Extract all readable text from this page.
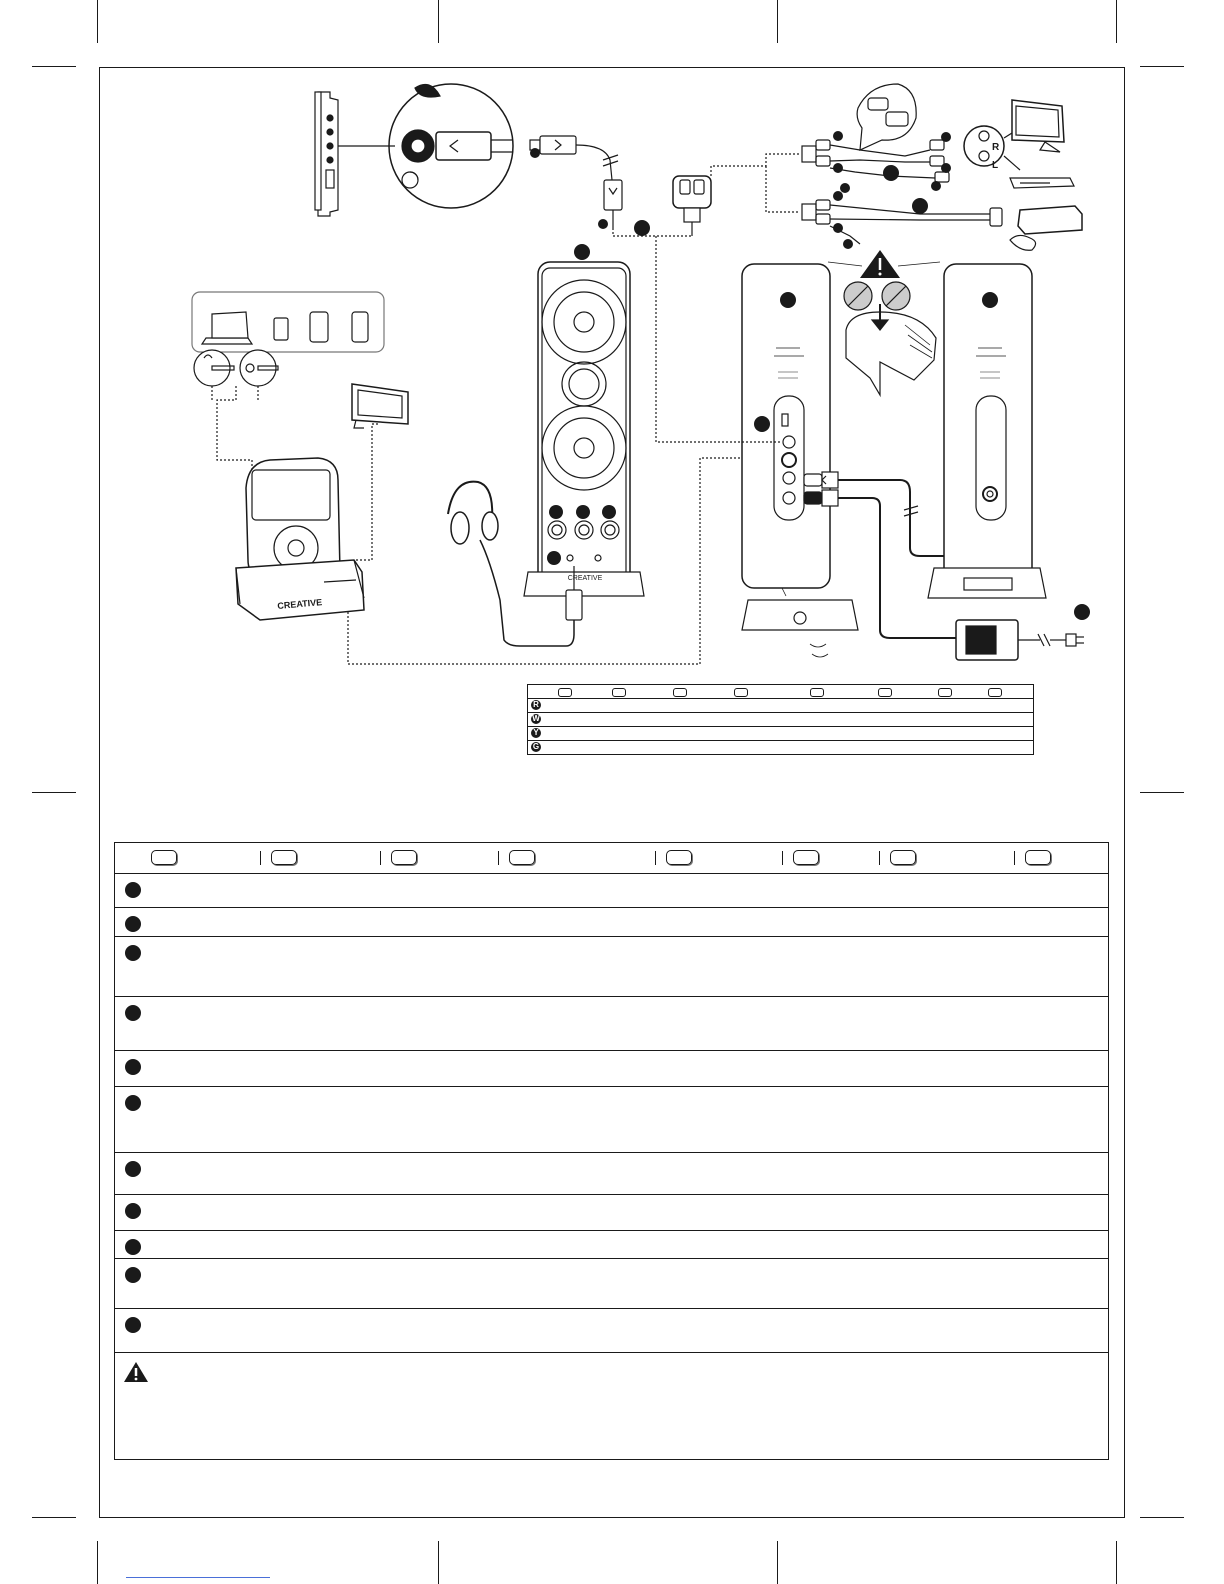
CREATIVE
CREATIVE
R
L
R
W
Y
G
